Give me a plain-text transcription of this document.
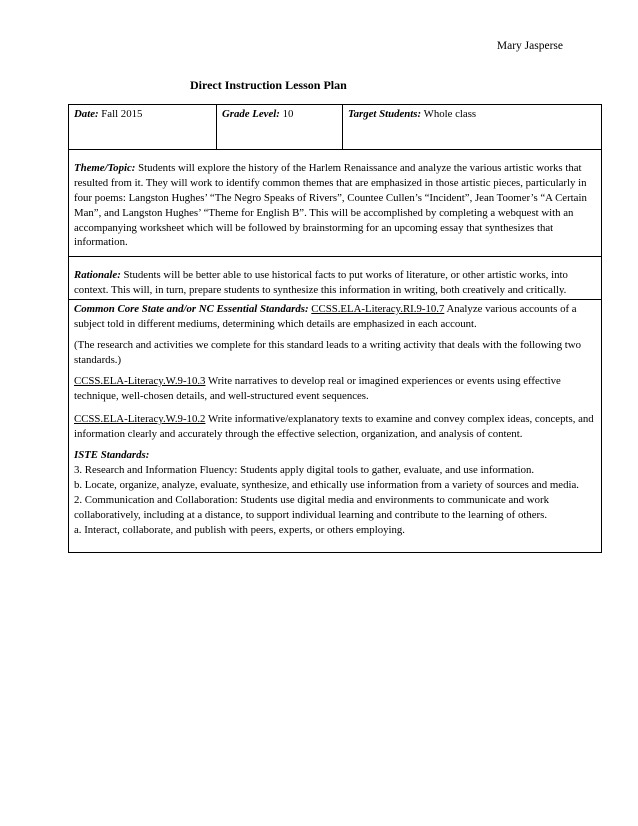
Mary Jasperse
Direct Instruction Lesson Plan
Date: Fall 2015	Grade Level: 10	Target Students: Whole class
Theme/Topic: Students will explore the history of the Harlem Renaissance and analyze the various artistic works that resulted from it. They will work to identify common themes that are emphasized in those artistic pieces, particularly in four poems: Langston Hughes’ “The Negro Speaks of Rivers”, Countee Cullen’s “Incident”, Jean Toomer’s “A Certain Man”, and Langston Hughes’ “Theme for English B”. This will be accomplished by completing a webquest with an accompanying worksheet which will be followed by brainstorming for an upcoming essay that synthesizes that information.
Rationale: Students will be better able to use historical facts to put works of literature, or other artistic works, into context. This will, in turn, prepare students to synthesize this information in writing, both creatively and critically.

Common Core State and/or NC Essential Standards: CCSS.ELA-Literacy.RI.9-10.7 Analyze various accounts of a subject told in different mediums, determining which details are emphasized in each account.

(The research and activities we complete for this standard leads to a writing activity that deals with the following two standards.)

CCSS.ELA-Literacy.W.9-10.3 Write narratives to develop real or imagined experiences or events using effective technique, well-chosen details, and well-structured event sequences.

CCSS.ELA-Literacy.W.9-10.2 Write informative/explanatory texts to examine and convey complex ideas, concepts, and information clearly and accurately through the effective selection, organization, and analysis of content.

ISTE Standards:

3. Research and Information Fluency: Students apply digital tools to gather, evaluate, and use information.

b. Locate, organize, analyze, evaluate, synthesize, and ethically use information from a variety of sources and media.

2. Communication and Collaboration: Students use digital media and environments to communicate and work collaboratively, including at a distance, to support individual learning and contribute to the learning of others.

a. Interact, collaborate, and publish with peers, experts, or others employing.
